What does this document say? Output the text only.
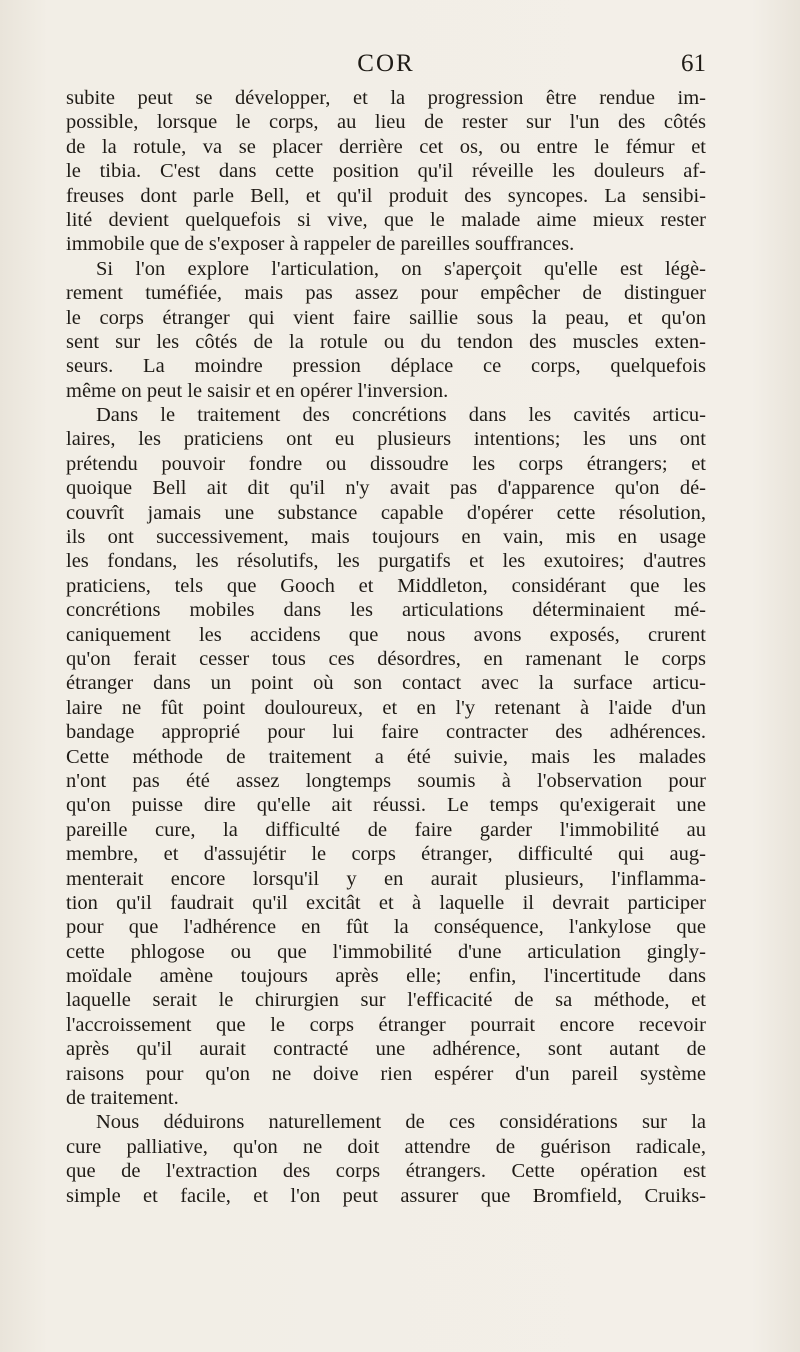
COR	61
subite peut se développer, et la progression être rendue im-
possible, lorsque le corps, au lieu de rester sur l'un des côtés
de la rotule, va se placer derrière cet os, ou entre le fémur et
le tibia. C'est dans cette position qu'il réveille les douleurs af-
freuses dont parle Bell, et qu'il produit des syncopes. La sensibi-
lité devient quelquefois si vive, que le malade aime mieux rester
immobile que de s'exposer à rappeler de pareilles souffrances.
Si l'on explore l'articulation, on s'aperçoit qu'elle est légè-
rement tuméfiée, mais pas assez pour empêcher de distinguer
le corps étranger qui vient faire saillie sous la peau, et qu'on
sent sur les côtés de la rotule ou du tendon des muscles exten-
seurs. La moindre pression déplace ce corps, quelquefois
même on peut le saisir et en opérer l'inversion.
Dans le traitement des concrétions dans les cavités articu-
laires, les praticiens ont eu plusieurs intentions; les uns ont
prétendu pouvoir fondre ou dissoudre les corps étrangers; et
quoique Bell ait dit qu'il n'y avait pas d'apparence qu'on dé-
couvrît jamais une substance capable d'opérer cette résolution,
ils ont successivement, mais toujours en vain, mis en usage
les fondans, les résolutifs, les purgatifs et les exutoires; d'autres
praticiens, tels que Gooch et Middleton, considérant que les
concrétions mobiles dans les articulations déterminaient mé-
caniquement les accidens que nous avons exposés, crurent
qu'on ferait cesser tous ces désordres, en ramenant le corps
étranger dans un point où son contact avec la surface articu-
laire ne fût point douloureux, et en l'y retenant à l'aide d'un
bandage approprié pour lui faire contracter des adhérences.
Cette méthode de traitement a été suivie, mais les malades
n'ont pas été assez longtemps soumis à l'observation pour
qu'on puisse dire qu'elle ait réussi. Le temps qu'exigerait une
pareille cure, la difficulté de faire garder l'immobilité au
membre, et d'assujétir le corps étranger, difficulté qui aug-
menterait encore lorsqu'il y en aurait plusieurs, l'inflamma-
tion qu'il faudrait qu'il excitât et à laquelle il devrait participer
pour que l'adhérence en fût la conséquence, l'ankylose que
cette phlogose ou que l'immobilité d'une articulation gingly-
moïdale amène toujours après elle; enfin, l'incertitude dans
laquelle serait le chirurgien sur l'efficacité de sa méthode, et
l'accroissement que le corps étranger pourrait encore recevoir
après qu'il aurait contracté une adhérence, sont autant de
raisons pour qu'on ne doive rien espérer d'un pareil système
de traitement.
Nous déduirons naturellement de ces considérations sur la
cure palliative, qu'on ne doit attendre de guérison radicale,
que de l'extraction des corps étrangers. Cette opération est
simple et facile, et l'on peut assurer que Bromfield, Cruiks-
